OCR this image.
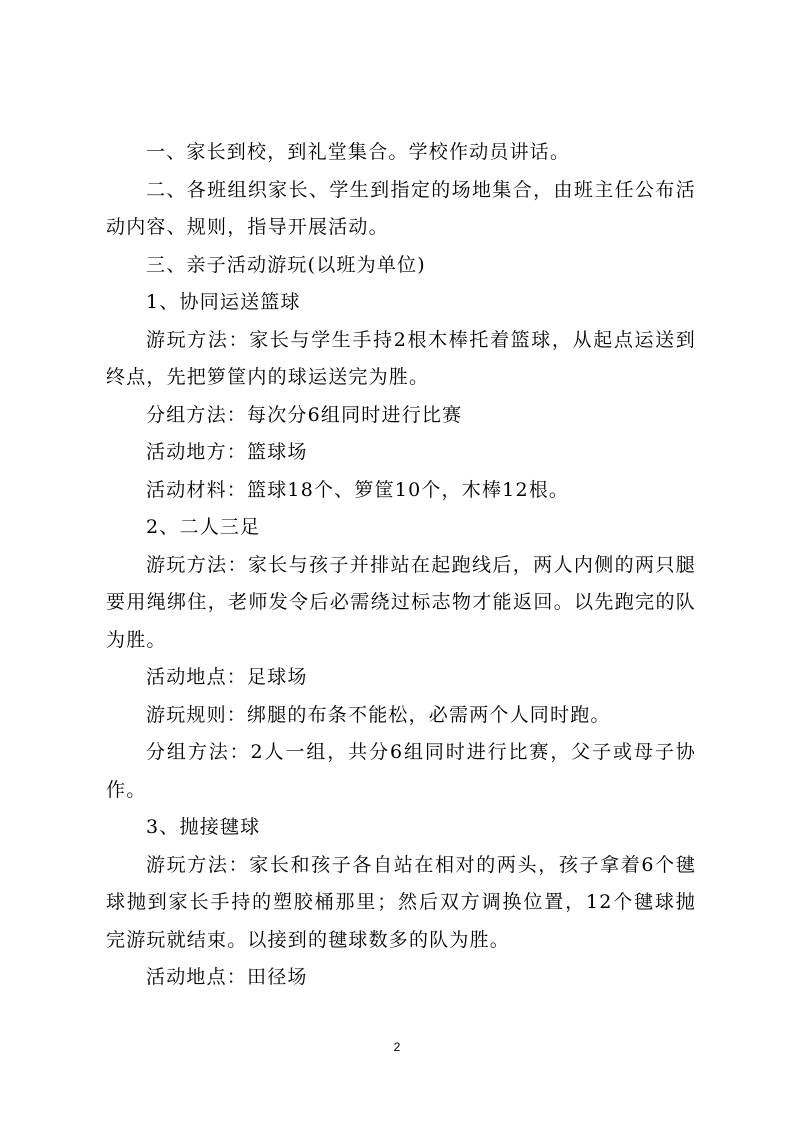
一、家长到校，到礼堂集合。学校作动员讲话。

二、各班组织家长、学生到指定的场地集合，由班主任公布活动内容、规则，指导开展活动。

三、亲子活动游玩(以班为单位)

1、协同运送篮球

游玩方法：家长与学生手持2根木棒托着篮球，从起点运送到终点，先把箩筐内的球运送完为胜。

分组方法：每次分6组同时进行比赛

活动地方：篮球场

活动材料：篮球18个、箩筐10个，木棒12根。

2、二人三足

游玩方法：家长与孩子并排站在起跑线后，两人内侧的两只腿要用绳绑住，老师发令后必需绕过标志物才能返回。以先跑完的队为胜。

活动地点：足球场

游玩规则：绑腿的布条不能松，必需两个人同时跑。

分组方法：2人一组，共分6组同时进行比赛，父子或母子协作。

3、抛接毽球

游玩方法：家长和孩子各自站在相对的两头，孩子拿着6个毽球抛到家长手持的塑胶桶那里；然后双方调换位置，12个毽球抛完游玩就结束。以接到的毽球数多的队为胜。

活动地点：田径场

2
